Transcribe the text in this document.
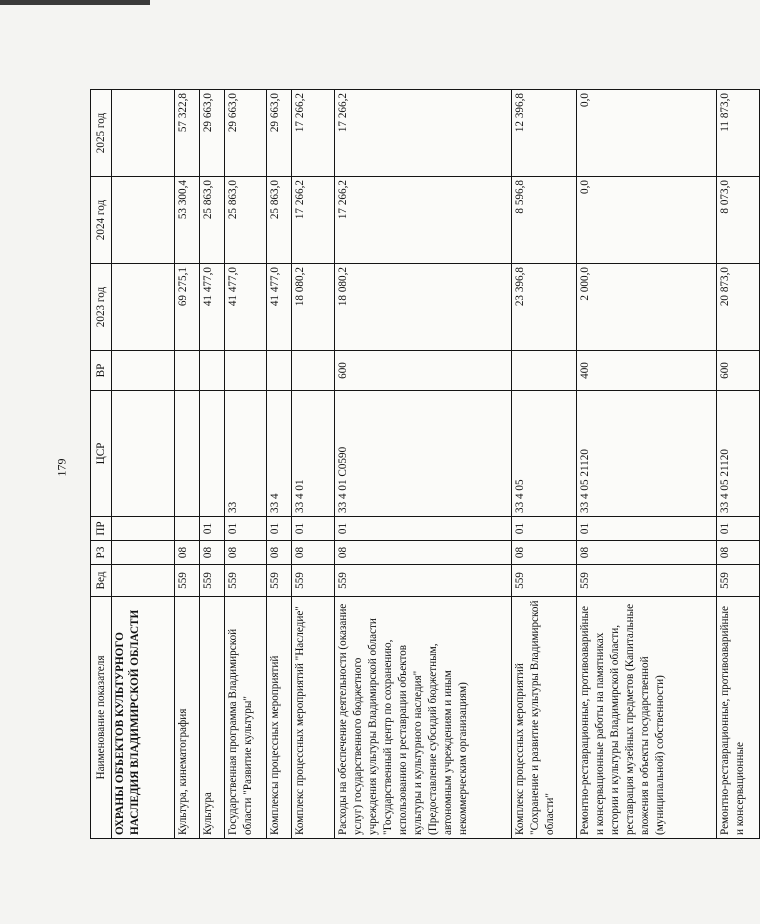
179
Наименование показателя	Вед	РЗ	ПР	ЦСР	ВР	2023 год	2024 год	2025 год
ОХРАНЫ ОБЪЕКТОВ КУЛЬТУРНОГО НАСЛЕДИЯ ВЛАДИМИРСКОЙ ОБЛАСТИ								
Культура, кинематография	559	08				69 275,1	53 300,4	57 322,8
Культура	559	08	01			41 477,0	25 863,0	29 663,0
Государственная программа Владимирской области "Развитие культуры"	559	08	01	33		41 477,0	25 863,0	29 663,0
Комплексы процессных мероприятий	559	08	01	33 4		41 477,0	25 863,0	29 663,0
Комплекс процессных мероприятий "Наследие"	559	08	01	33 4 01		18 080,2	17 266,2	17 266,2
Расходы на обеспечение деятельности (оказание услуг) государственного бюджетного учреждения культуры Владимирской области "Государственный центр по сохранению, использованию и реставрации объектов культуры и культурного наследия" (Предоставление субсидий бюджетным, автономным учреждениям и иным некоммерческим организациям)	559	08	01	33 4 01 С0590	600	18 080,2	17 266,2	17 266,2
Комплекс процессных мероприятий "Сохранение и развитие культуры Владимирской области"	559	08	01	33 4 05		23 396,8	8 596,8	12 396,8
Ремонтно-реставрационные, противоаварийные и консервационные работы на памятниках истории и культуры Владимирской области, реставрация музейных предметов (Капитальные вложения в объекты государственной (муниципальной) собственности)	559	08	01	33 4 05 21120	400	2 000,0	0,0	0,0
Ремонтно-реставрационные, противоаварийные и консервационные	559	08	01	33 4 05 21120	600	20 873,0	8 073,0	11 873,0
